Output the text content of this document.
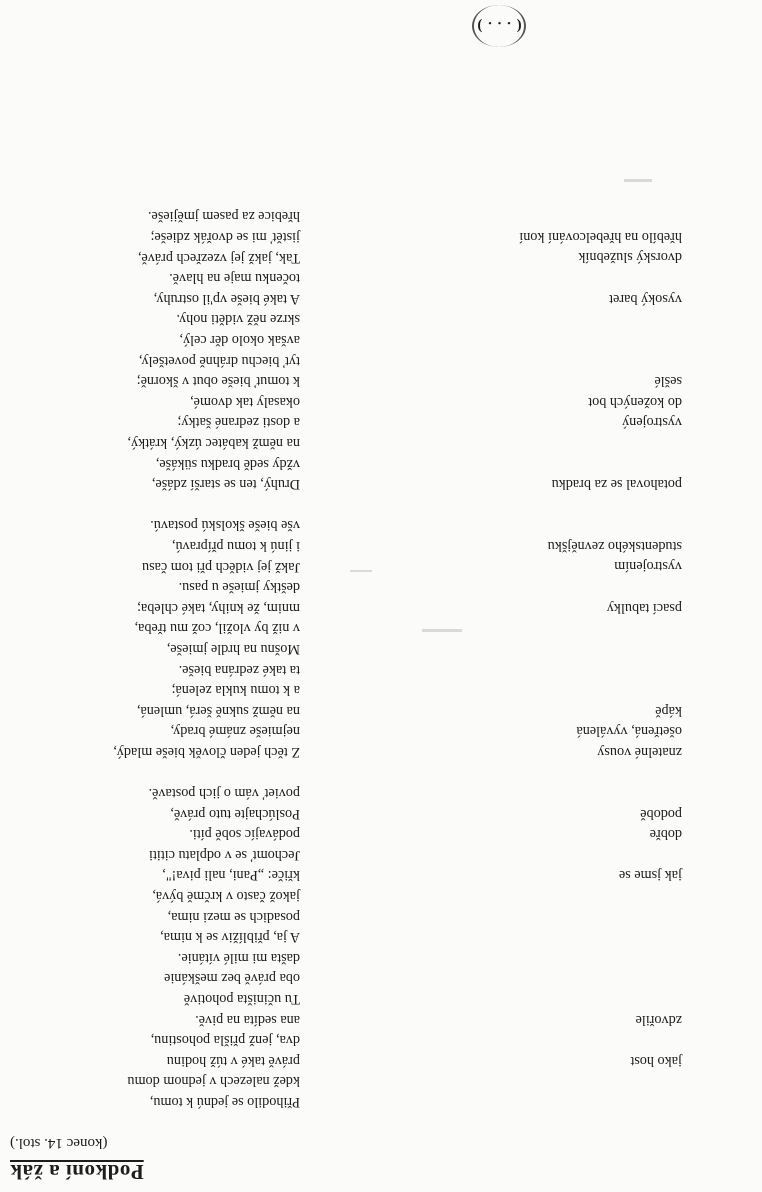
Podkoní a žák
(konec 14. stol.)
Přihodilo se jednú k tomu,
kdež nalezech v jednom domu
právě také v túž hodinu
dva, jenž přišla pohostinu,
ana sedíta na pivě.
Tu učiništa pohotivě
oba právě bez meškánie
dašta mi milé vítánie.
A ja, přiblíživ se k nima,
posadich se mezi nima,
jakož často v krčmě bývá,
křiče: „Pani, nali piva!",
Jechomť se v odplatu cititi
podávajíc sobě píti.
Poslúchajte tuto právě,
povieť vám o jich postavě.
Z těch jeden člověk bieše mladý,
nejmieše známé brady,
na němž sukně šerá, umlená,
a k tomu kukla zelená;
ta také zedrána bieše.
Mošnu na hrdle jmieše,
v niž by vložil, což mu třeba,
mnim, že knihy, také chleba;
deštky jmieše u pasu.
Jakž jej viděch při tom času
i jinú k tomu přípravú,
vše bieše školskú postavú.
Druhý, ten se starší zdáše,
vždy sedě bradku sükáše,
na němž kabátec úzký, krátký,
a dosti zedrané šatky;
okasaly tak dvomé,
k tomuť bieše obut v škorně;
tyť biechu dráhně povetšely,
avšak okolo děr celý,
skrze něž viděti nohy.
A také bieše vp'il ostruhy,
točenku maje na hlavě.
Tak, jakž jej vzezřech právě,
jistěť mi se dvořák zdieše;
hřebice za pasem jmějieše.
jako host
zdvořile
jak jsme se
dobře
podobě
znatelné vousy
ošetřená, vyválená
kápě
psací tabulky
vystrojením
studentského zevnějšku
potahoval se za bradku
vystrojený
do kožených bot
sešlé
vysoký baret
dvorský služebník
hřebílo na hřebelcování koní
( . . . )
